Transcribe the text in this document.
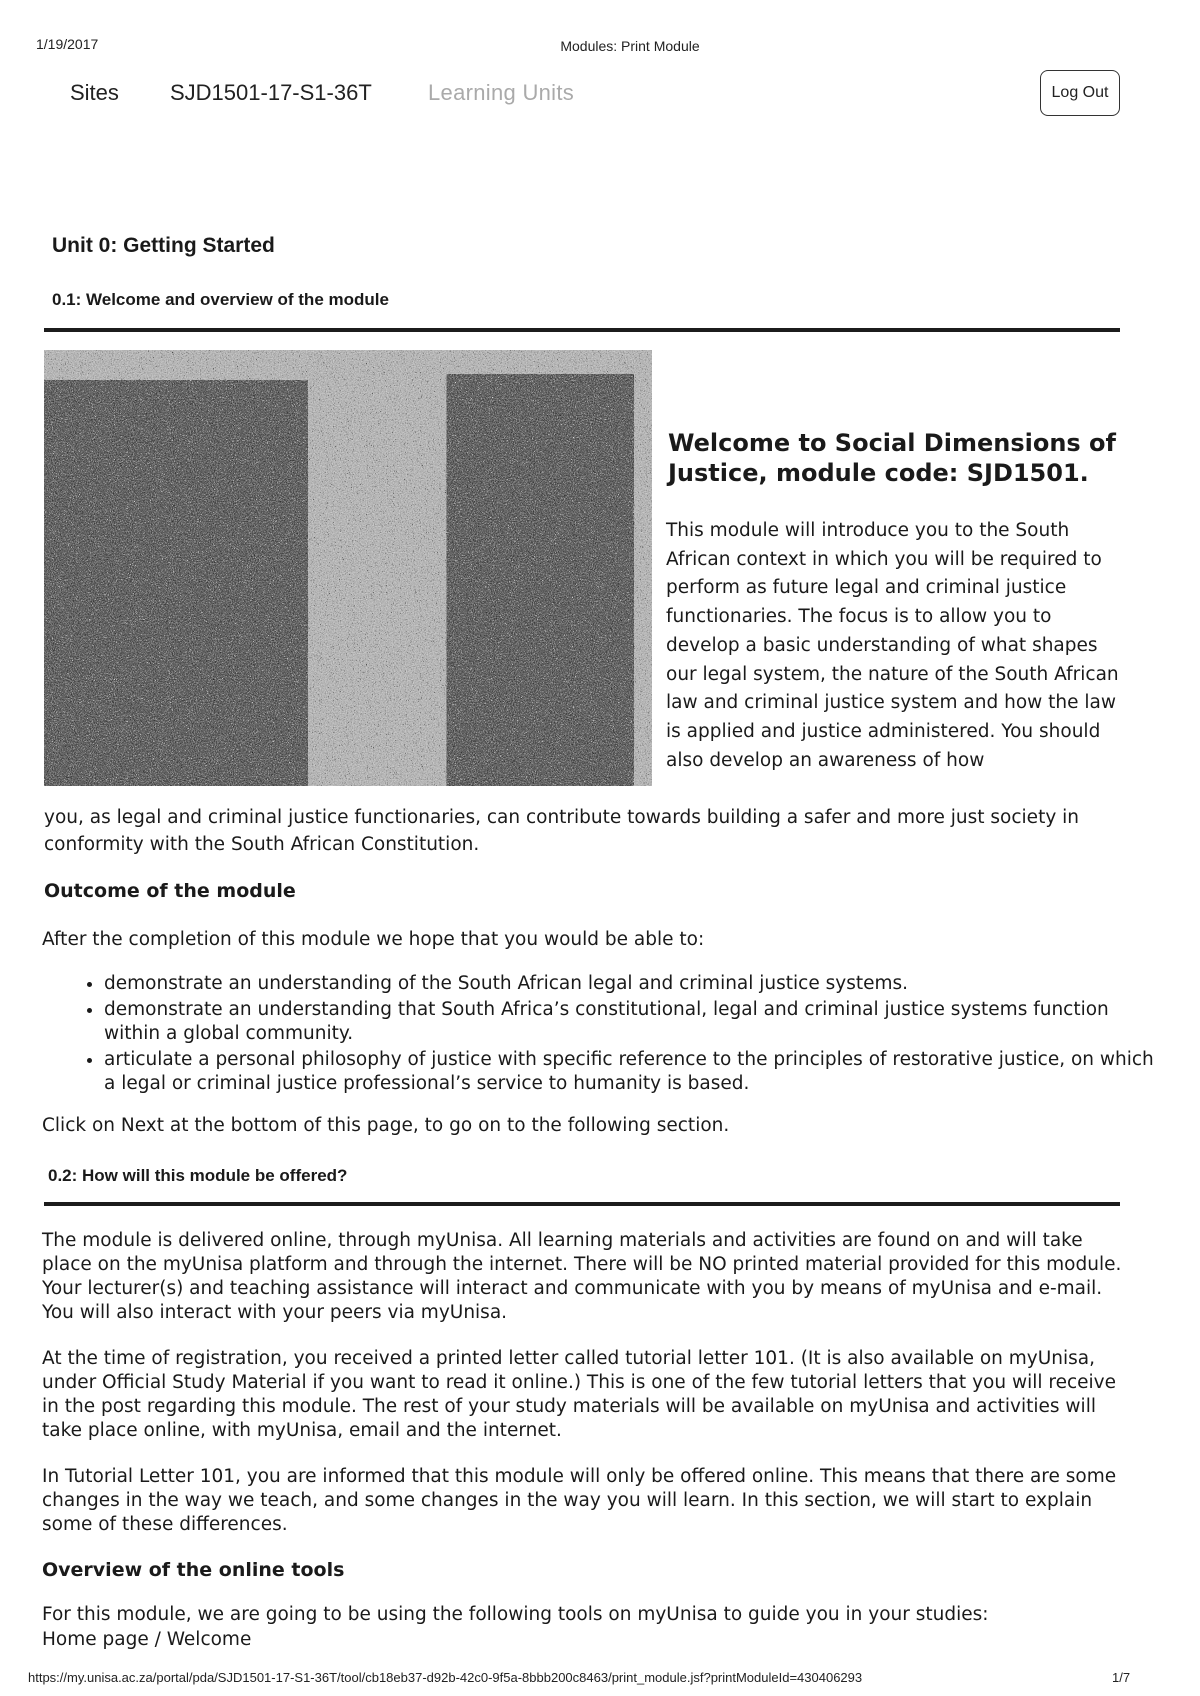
1/19/2017	Modules: Print Module
Sites SJD1501-17-S1-36T	Learning Units	Log Out
Unit 0: Getting Started
0.1: Welcome and overview of the module
Welcome to Social Dimensions of Justice, module code: SJD1501.

This module will introduce you to the South African context in which you will be required to perform as future legal and criminal justice functionaries. The focus is to allow you to develop a basic understanding of what shapes our legal system, the nature of the South African law and criminal justice system and how the law is applied and justice administered. You should also develop an awareness of how

you, as legal and criminal justice functionaries, can contribute towards building a safer and more just society in conformity with the South African Constitution.

Outcome of the module

After the completion of this module we hope that you would be able to:

• demonstrate an understanding of the South African legal and criminal justice systems.
• demonstrate an understanding that South Africa’s constitutional, legal and criminal justice systems function within a global community.
• articulate a personal philosophy of justice with specific reference to the principles of restorative justice, on which a legal or criminal justice professional’s service to humanity is based.

Click on Next at the bottom of this page, to go on to the following section.

0.2: How will this module be offered?

The module is delivered online, through myUnisa. All learning materials and activities are found on and will take place on the myUnisa platform and through the internet. There will be NO printed material provided for this module. Your lecturer(s) and teaching assistance will interact and communicate with you by means of myUnisa and e-mail. You will also interact with your peers via myUnisa.

At the time of registration, you received a printed letter called tutorial letter 101. (It is also available on myUnisa, under Official Study Material if you want to read it online.) This is one of the few tutorial letters that you will receive in the post regarding this module. The rest of your study materials will be available on myUnisa and activities will take place online, with myUnisa, email and the internet.

In Tutorial Letter 101, you are informed that this module will only be offered online. This means that there are some changes in the way we teach, and some changes in the way you will learn. In this section, we will start to explain some of these differences.

Overview of the online tools

For this module, we are going to be using the following tools on myUnisa to guide you in your studies:

Home page / Welcome

https://my.unisa.ac.za/portal/pda/SJD1501-17-S1-36T/tool/cb18eb37-d92b-42c0-9f5a-8bbb200c8463/print_module.jsf?printModuleId=430406293	1/7
